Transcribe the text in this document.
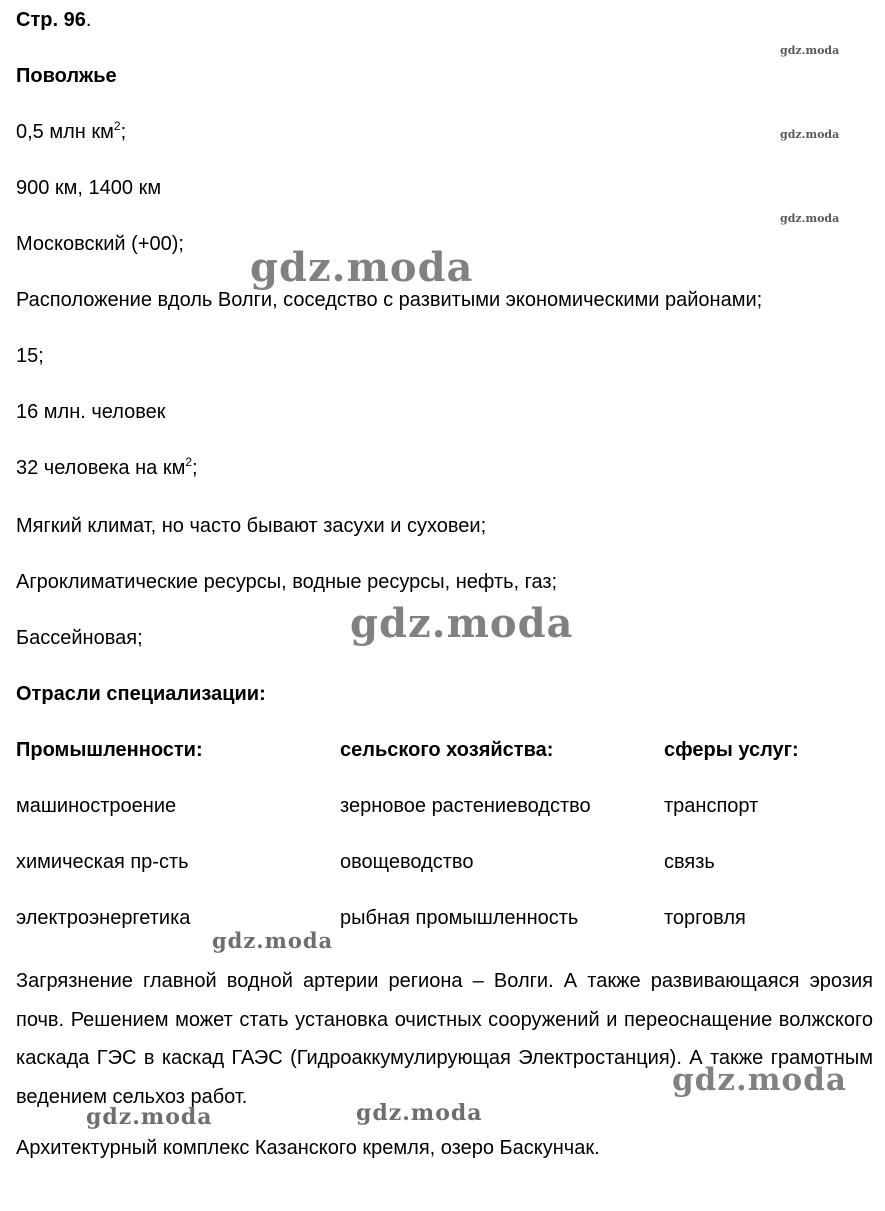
Стр. 96.
Поволжье
0,5 млн $км^2$;
900 км, 1400 км
Московский (+00);
Расположение вдоль Волги, соседство с развитыми экономическими районами;
15;
16 млн. человек
32 человека на $км^2$;
Мягкий климат, но часто бывают засухи и суховеи;
Агроклиматические ресурсы, водные ресурсы, нефть, газ;
Бассейновая;
Отрасли специализации:
Промышленности:	сельского хозяйства:	сферы услуг:
машиностроение	зерновое растениеводство	транспорт
химическая пр-сть	овощеводство	связь
электроэнергетика	рыбная промышленность	торговля
Загрязнение главной водной артерии региона – Волги. А также развивающаяся эрозия почв. Решением может стать установка очистных сооружений и переоснащение волжского каскада ГЭС в каскад ГАЭС (Гидроаккумулирующая Электростанция). А также грамотным ведением сельхоз работ.
Архитектурный комплекс Казанского кремля, озеро Баскунчак.
gdz.moda
gdz.moda
gdz.moda
gdz.moda
gdz.moda
gdz.moda
gdz.moda
gdz.moda	gdz.moda
